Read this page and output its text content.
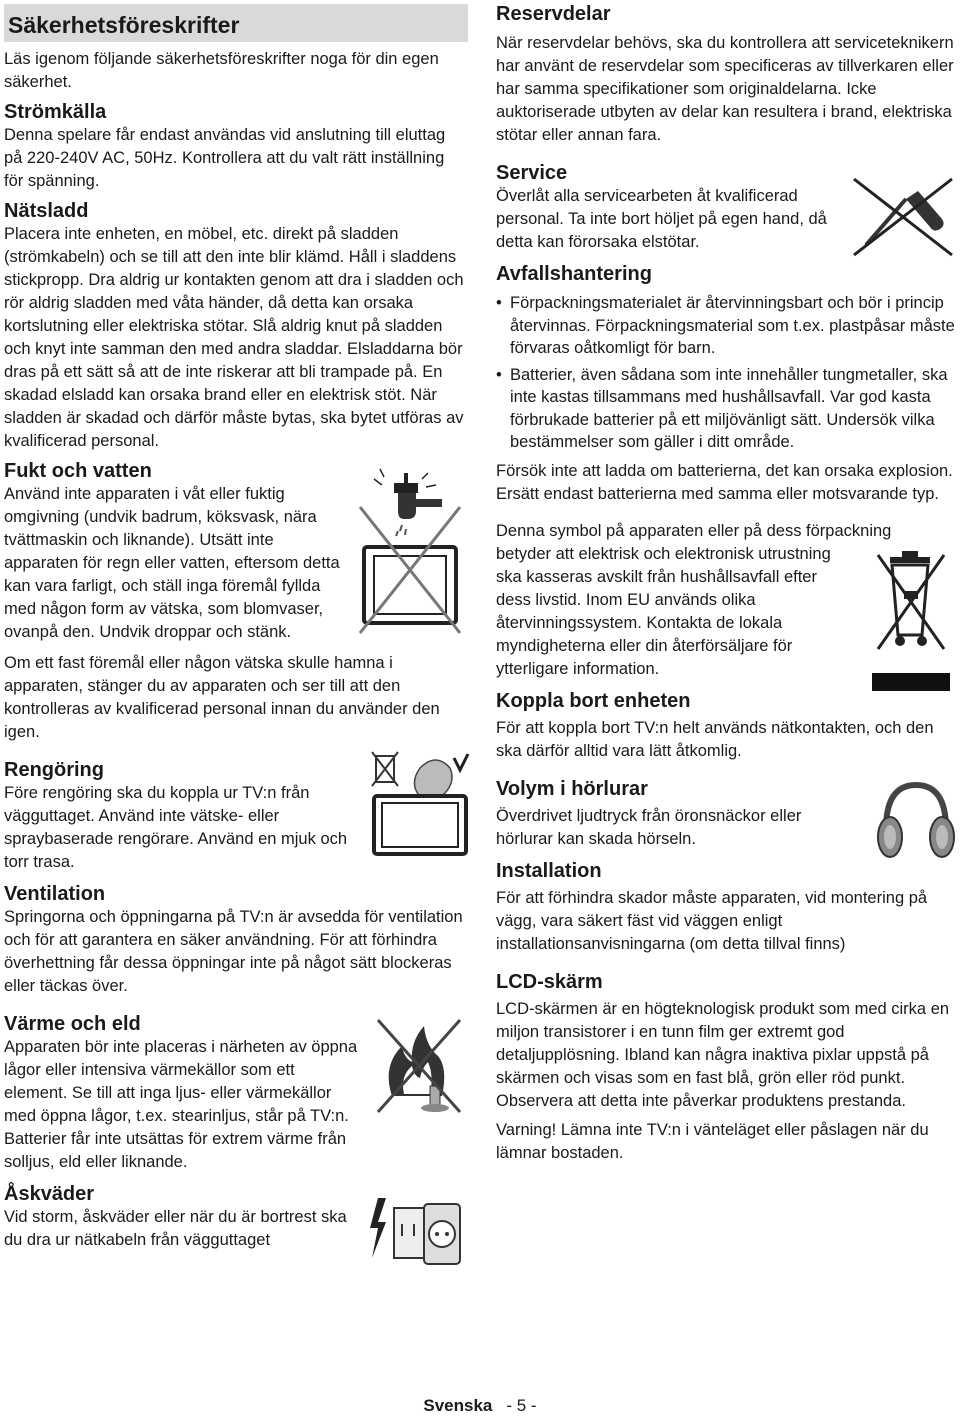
Säkerhetsföreskrifter

Läs igenom följande säkerhetsföreskrifter noga för din egen säkerhet.

Strömkälla

Denna spelare får endast användas vid anslutning till eluttag på 220-240V AC, 50Hz. Kontrollera att du valt rätt inställning för spänning.

Nätsladd

Placera inte enheten, en möbel, etc. direkt på sladden (strömkabeln) och se till att den inte blir klämd. Håll i sladdens stickpropp. Dra aldrig ur kontakten genom att dra i sladden och rör aldrig sladden med våta händer, då detta kan orsaka kortslutning eller elektriska stötar. Slå aldrig knut på sladden och knyt inte samman den med andra sladdar. Elsladdarna bör dras på ett sätt så att de inte riskerar att bli trampade på. En skadad elsladd kan orsaka brand eller en elektrisk stöt. När sladden är skadad och därför måste bytas, ska bytet utföras av kvalificerad personal.

Fukt och vatten

Använd inte apparaten i våt eller fuktig omgivning (undvik badrum, köksvask, nära tvättmaskin och liknande). Utsätt inte apparaten för regn eller vatten, eftersom detta kan vara farligt, och ställ inga föremål fyllda med någon form av vätska, som blomvaser, ovanpå den. Undvik droppar och stänk.

Om ett fast föremål eller någon vätska skulle hamna i apparaten, stänger du av apparaten och ser till att den kontrolleras av kvalificerad personal innan du använder den igen.

Rengöring

Före rengöring ska du koppla ur TV:n från vägguttaget. Använd inte vätske- eller spraybaserade rengörare. Använd en mjuk och torr trasa.

Ventilation

Springorna och öppningarna på TV:n är avsedda för ventilation och för att garantera en säker användning. För att förhindra överhettning får dessa öppningar inte på något sätt blockeras eller täckas över.

Värme och eld

Apparaten bör inte placeras i närheten av öppna lågor eller intensiva värmekällor som ett element. Se till att inga ljus- eller värmekällor med öppna lågor, t.ex. stearinljus, står på TV:n. Batterier får inte utsättas för extrem värme från solljus, eld eller liknande.

Åskväder

Vid storm, åskväder eller när du är bortrest ska du dra ur nätkabeln från vägguttaget

Reservdelar

När reservdelar behövs, ska du kontrollera att serviceteknikern har använt de reservdelar som specificeras av tillverkaren eller har samma specifikationer som originaldelarna. Icke auktoriserade utbyten av delar kan resultera i brand, elektriska stötar eller annan fara.

Service

Överlåt alla servicearbeten åt kvalificerad personal. Ta inte bort höljet på egen hand, då detta kan förorsaka elstötar.

Avfallshantering
• Förpackningsmaterialet är återvinningsbart och bör i princip återvinnas. Förpackningsmaterial som t.ex. plastpåsar måste förvaras oåtkomligt för barn.
• Batterier, även sådana som inte innehåller tungmetaller, ska inte kastas tillsammans med hushållsavfall. Var god kasta förbrukade batterier på ett miljövänligt sätt. Undersök vilka bestämmelser som gäller i ditt område.

Försök inte att ladda om batterierna, det kan orsaka explosion. Ersätt endast batterierna med samma eller motsvarande typ.

Denna symbol på apparaten eller på dess förpackning

betyder att elektrisk och elektronisk utrustning ska kasseras avskilt från hushållsavfall efter dess livstid. Inom EU används olika återvinningssystem. Kontakta de lokala myndigheterna eller din återförsäljare för ytterligare information.

Koppla bort enheten

För att koppla bort TV:n helt används nätkontakten, och den ska därför alltid vara lätt åtkomlig.

Volym i hörlurar

Överdrivet ljudtryck från öronsnäckor eller hörlurar kan skada hörseln.

Installation

För att förhindra skador måste apparaten, vid montering på vägg, vara säkert fäst vid väggen enligt installationsanvisningarna (om detta tillval finns)

LCD-skärm

LCD-skärmen är en högteknologisk produkt som med cirka en miljon transistorer i en tunn film ger extremt god detaljupplösning. Ibland kan några inaktiva pixlar uppstå på skärmen och visas som en fast blå, grön eller röd punkt. Observera att detta inte påverkar produktens prestanda.

Varning! Lämna inte TV:n i vänteläget eller påslagen när du lämnar bostaden.

Svenska - 5 -
